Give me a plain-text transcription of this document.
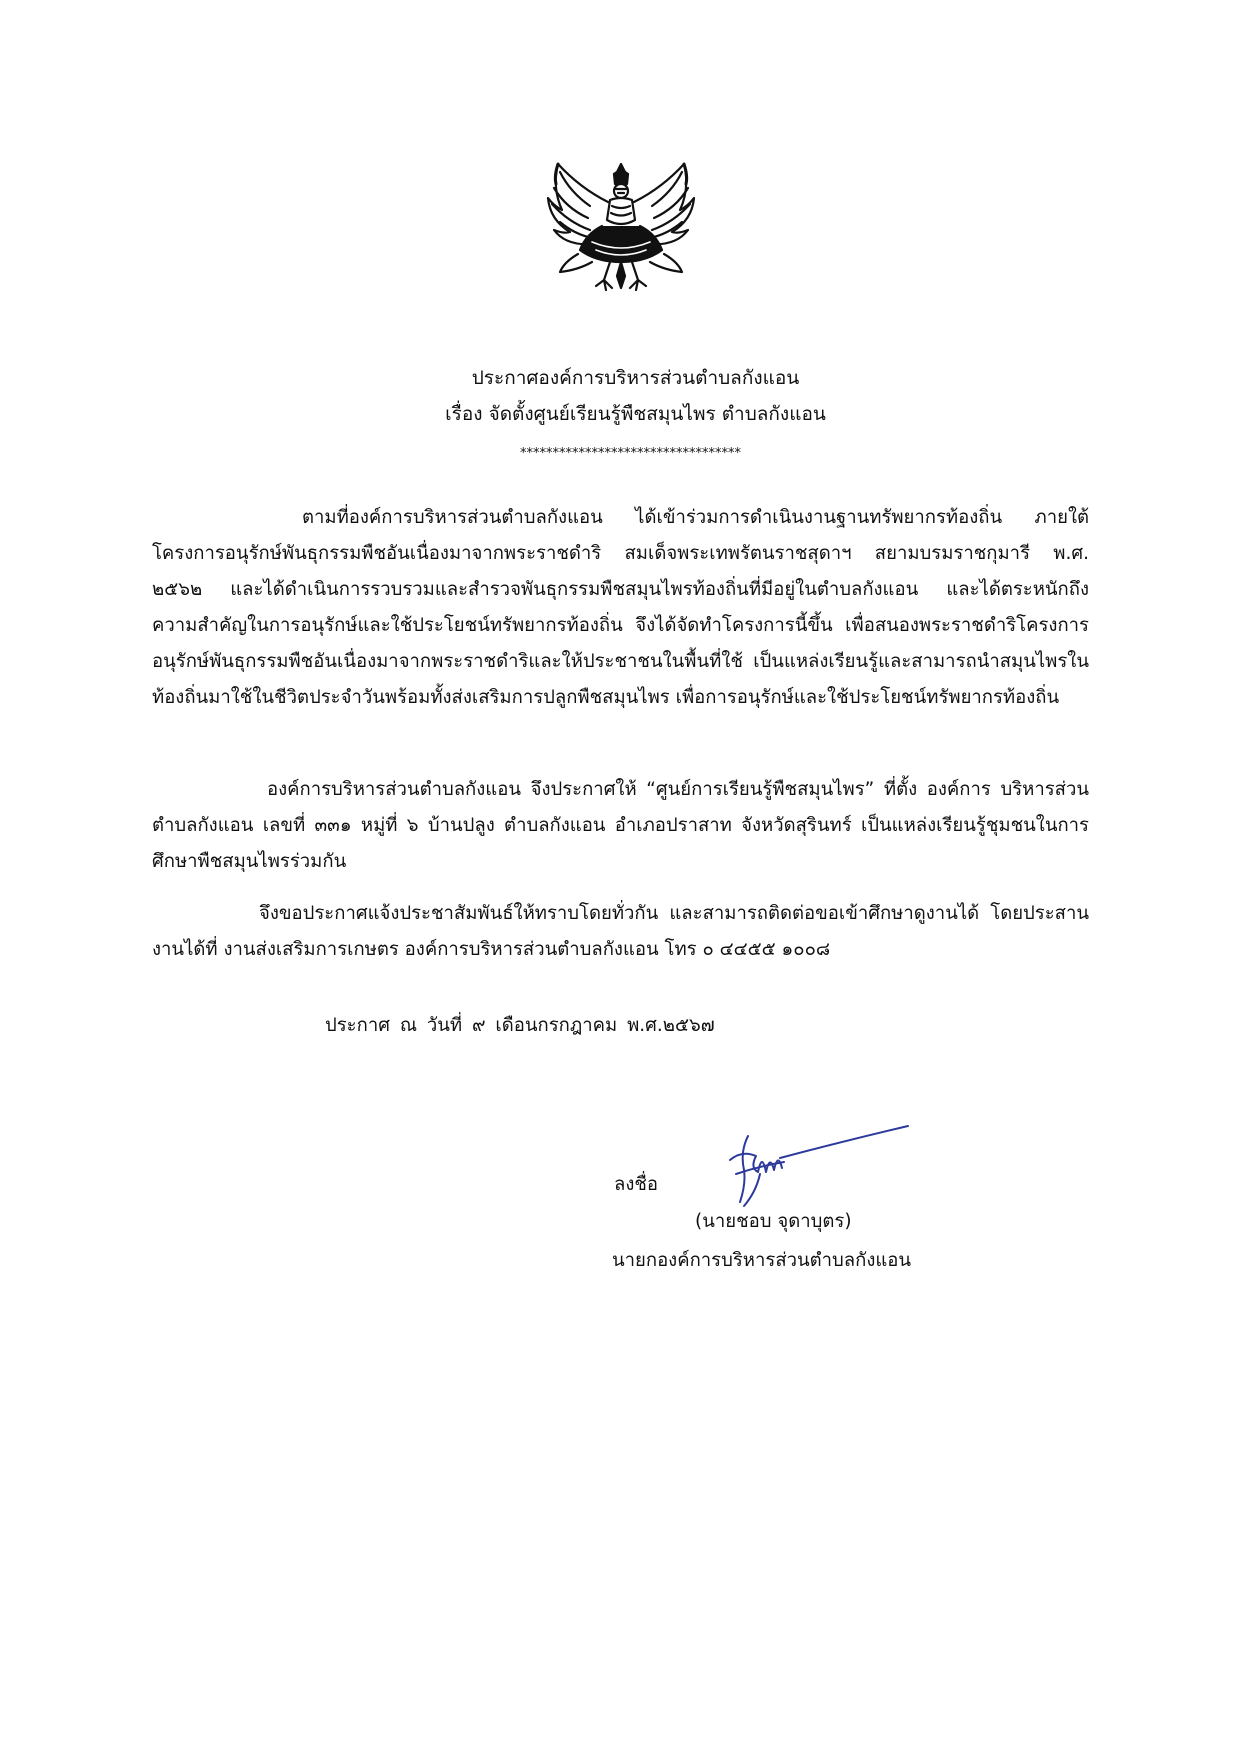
ประกาศองค์การบริหารส่วนตำบลกังแอน
เรื่อง จัดตั้งศูนย์เรียนรู้พืชสมุนไพร ตำบลกังแอน
**********************************

ตามที่องค์การบริหารส่วนตำบลกังแอน ได้เข้าร่วมการดำเนินงานฐานทรัพยากรท้องถิ่น ภายใต้โครงการอนุรักษ์พันธุกรรมพืชอันเนื่องมาจากพระราชดำริ สมเด็จพระเทพรัตนราชสุดาฯ สยามบรมราชกุมารี พ.ศ. ๒๕๖๒ และได้ดำเนินการรวบรวมและสำรวจพันธุกรรมพืชสมุนไพรท้องถิ่นที่มีอยู่ในตำบลกังแอน และได้ตระหนักถึงความสำคัญในการอนุรักษ์และใช้ประโยชน์ทรัพยากรท้องถิ่น จึงได้จัดทำโครงการนี้ขึ้น เพื่อสนองพระราชดำริโครงการอนุรักษ์พันธุกรรมพืชอันเนื่องมาจากพระราชดำริและให้ประชาชนในพื้นที่ใช้ เป็นแหล่งเรียนรู้และสามารถนำสมุนไพรในท้องถิ่นมาใช้ในชีวิตประจำวันพร้อมทั้งส่งเสริมการปลูกพืชสมุนไพร เพื่อการอนุรักษ์และใช้ประโยชน์ทรัพยากรท้องถิ่น

องค์การบริหารส่วนตำบลกังแอน จึงประกาศให้ “ศูนย์การเรียนรู้พืชสมุนไพร” ที่ตั้ง องค์การ บริหารส่วนตำบลกังแอน เลขที่ ๓๓๑ หมู่ที่ ๖ บ้านปลูง ตำบลกังแอน อำเภอปราสาท จังหวัดสุรินทร์ เป็นแหล่งเรียนรู้ชุมชนในการศึกษาพืชสมุนไพรร่วมกัน

จึงขอประกาศแจ้งประชาสัมพันธ์ให้ทราบโดยทั่วกัน และสามารถติดต่อขอเข้าศึกษาดูงานได้ โดยประสานงานได้ที่ งานส่งเสริมการเกษตร องค์การบริหารส่วนตำบลกังแอน โทร ๐ ๔๔๕๕ ๑๐๐๘

ประกาศ ณ วันที่ ๙ เดือนกรกฎาคม พ.ศ.๒๕๖๗
ลงชื่อ
(นายชอบ จุดาบุตร)
นายกองค์การบริหารส่วนตำบลกังแอน
